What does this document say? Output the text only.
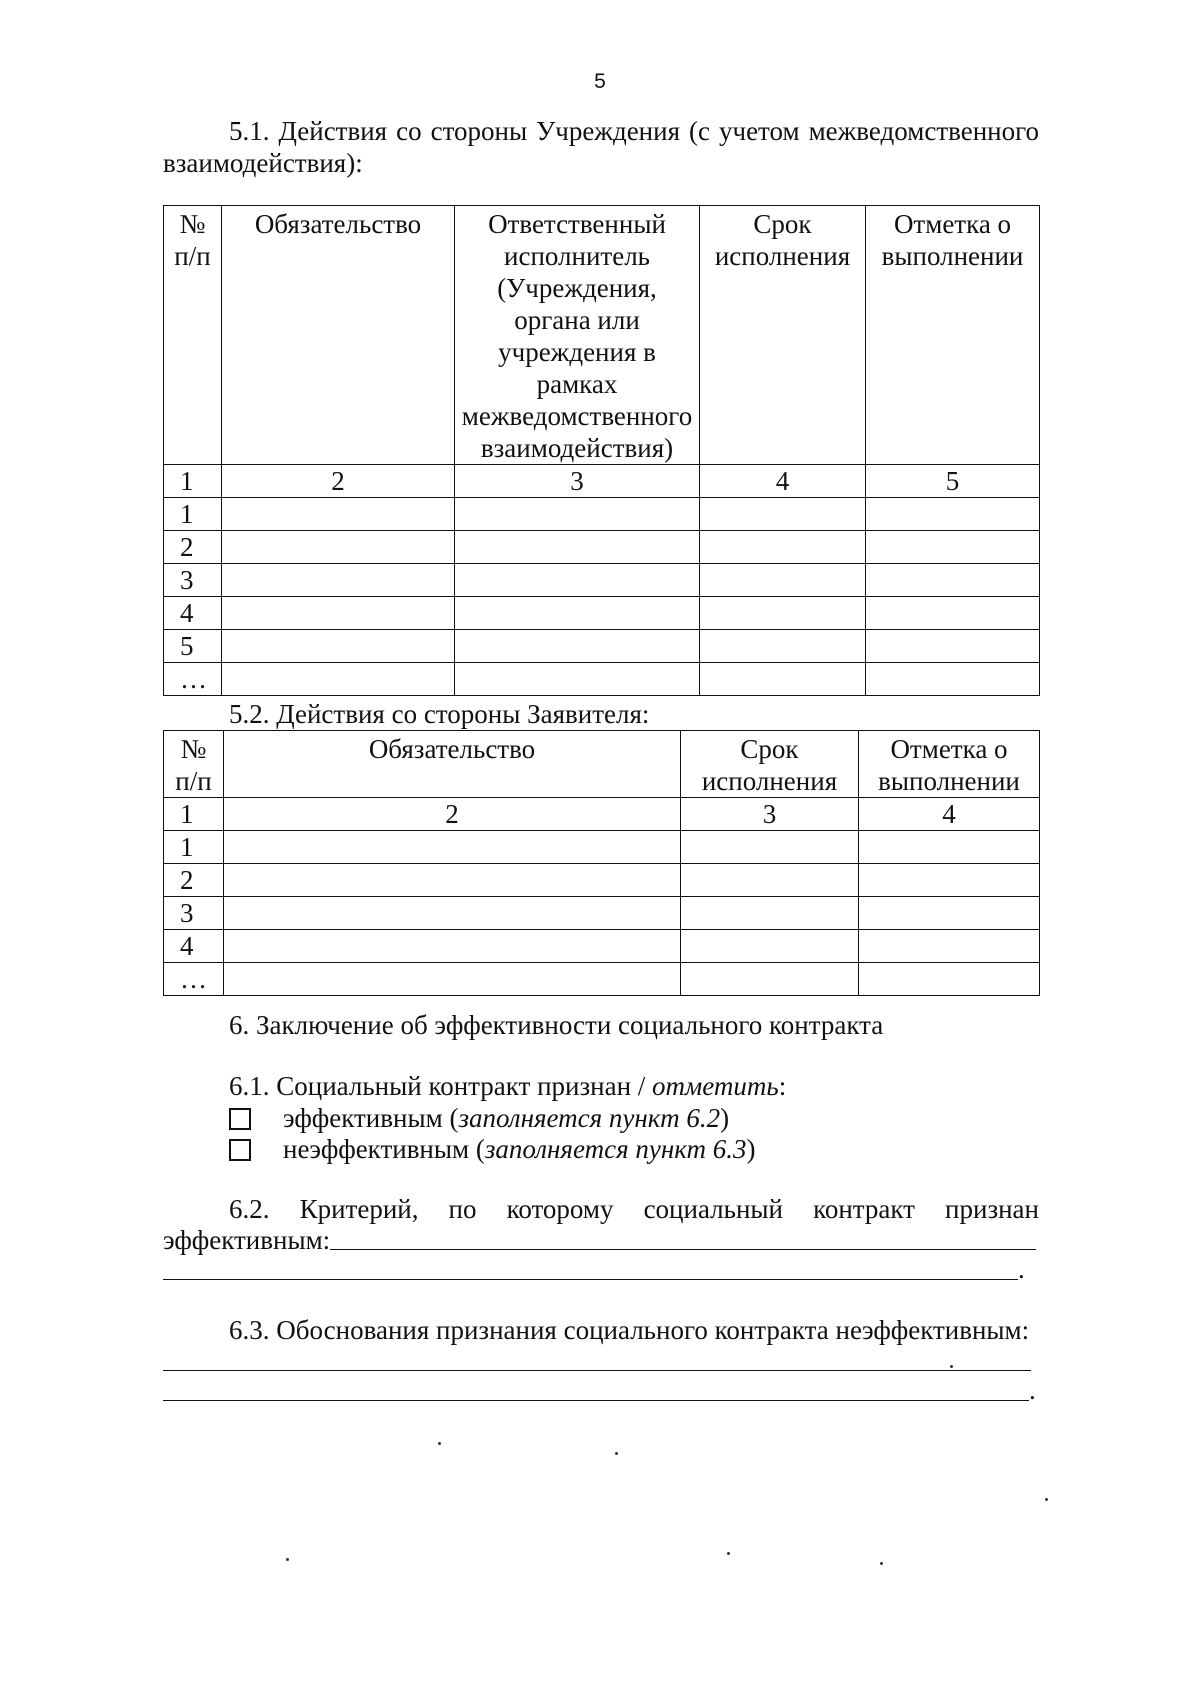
5
5.1. Действия со стороны Учреждения (с учетом межведомственного
взаимодействия):
№ п/п	Обязательство	Ответственный исполнитель (Учреждения, органа или учреждения в рамках межведомственного взаимодействия)	Срок исполнения	Отметка о выполнении
1	2	3	4	5
1				
2				
3				
4				
5				
…				
5.2. Действия со стороны Заявителя:
№ п/п	Обязательство	Срок исполнения	Отметка о выполнении
1	2	3	4
1			
2			
3			
4			
…			
6. Заключение об эффективности социального контракта
6.1. Социальный контракт признан / отметить:
эффективным (заполняется пункт 6.2)
неэффективным (заполняется пункт 6.3)
6.2. Критерий, по которому социальный контракт признан
эффективным:
.
6.3. Обоснования признания социального контракта неэффективным:
.
